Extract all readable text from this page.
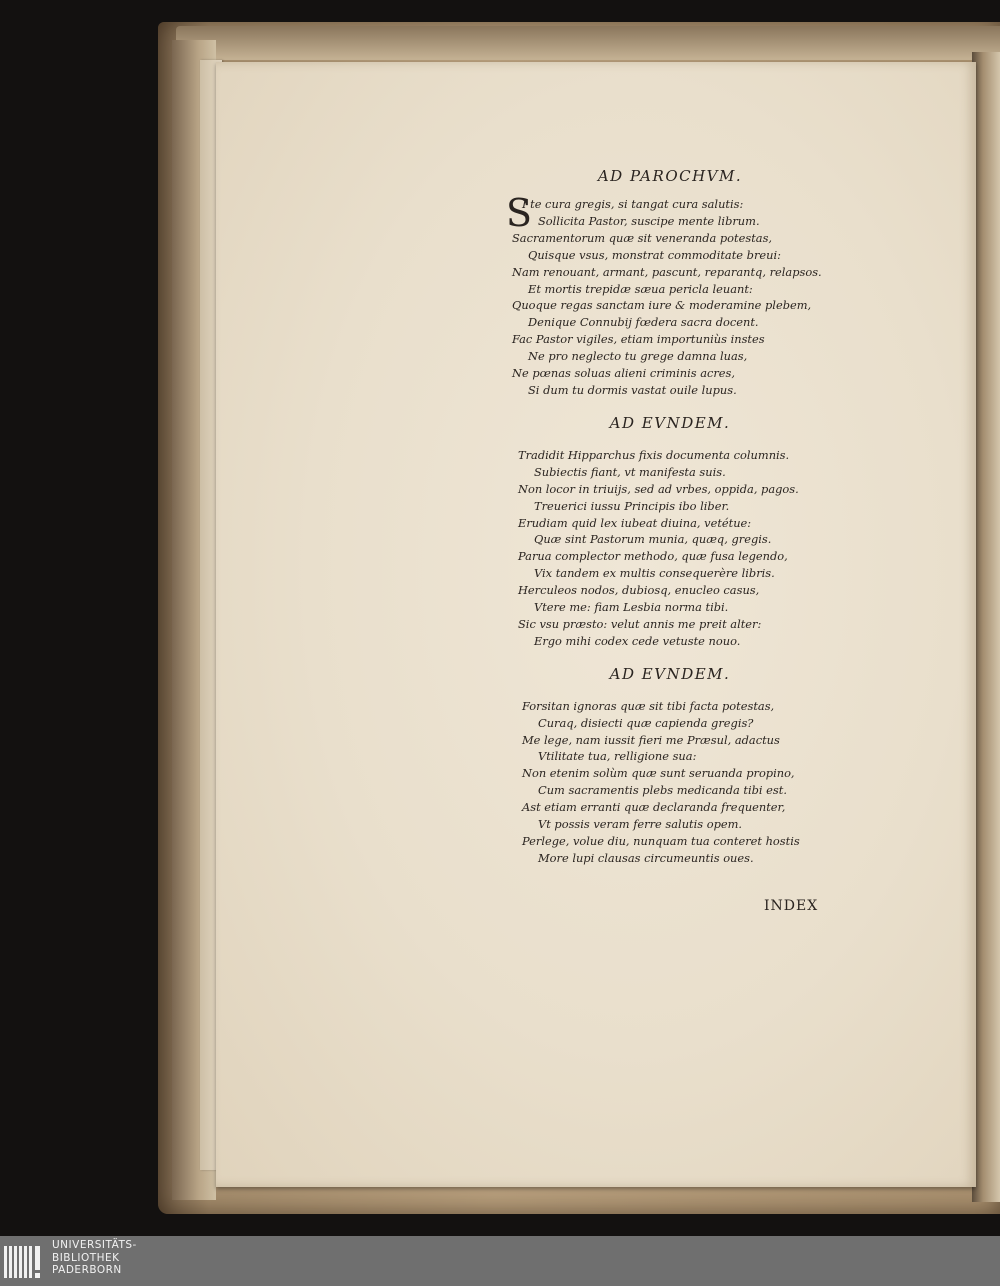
AD PAROCHVM.
S
I te cura gregis, si tangat cura salutis:
Sollicita Pastor, suscipe mente librum.
Sacramentorum quæ sit veneranda potestas,
Quisque vsus, monstrat commoditate breui:
Nam renouant, armant, pascunt, reparantq, relapsos.
Et mortis trepidæ sæua pericla leuant:
Quoque regas sanctam iure & moderamine plebem,
Denique Connubij fœdera sacra docent.
Fac Pastor vigiles, etiam importuniùs instes
Ne pro neglecto tu grege damna luas,
Ne pœnas soluas alieni criminis acres,
Si dum tu dormis vastat ouile lupus.
AD EVNDEM.
Tradidit Hipparchus fixis documenta columnis.
Subiectis fiant, vt manifesta suis.
Non locor in triuijs, sed ad vrbes, oppida, pagos.
Treuerici iussu Principis ibo liber.
Erudiam quid lex iubeat diuina, vetétue:
Quæ sint Pastorum munia, quæq, gregis.
Parua complector methodo, quæ fusa legendo,
Vix tandem ex multis consequerère libris.
Herculeos nodos, dubiosq, enucleo casus,
Vtere me: fiam Lesbia norma tibi.
Sic vsu præsto: velut annis me preit alter:
Ergo mihi codex cede vetuste nouo.
AD EVNDEM.
Forsitan ignoras quæ sit tibi facta potestas,
Curaq, disiecti quæ capienda gregis?
Me lege, nam iussit fieri me Præsul, adactus
Vtilitate tua, relligione sua:
Non etenim solùm quæ sunt seruanda propino,
Cum sacramentis plebs medicanda tibi est.
Ast etiam erranti quæ declaranda frequenter,
Vt possis veram ferre salutis opem.
Perlege, volue diu, nunquam tua conteret hostis
More lupi clausas circumeuntis oues.
INDEX
UNIVERSITÄTS-
BIBLIOTHEK
PADERBORN
